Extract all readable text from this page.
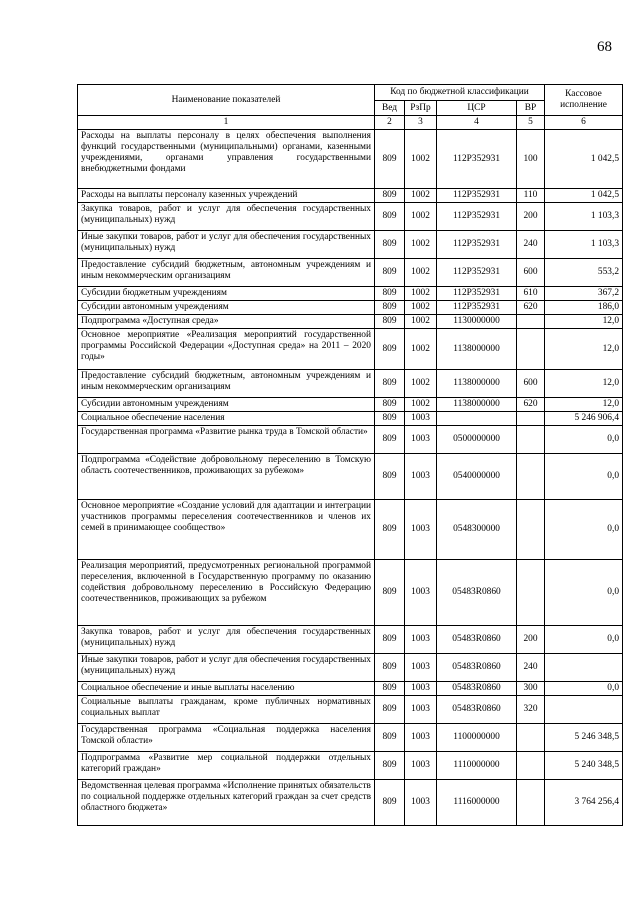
68
Наименование показателей	Код по бюджетной классификации				Кассовое исполнение
	Вед	РзПр	ЦСР	ВР	
1	2	3	4	5	6
Расходы на выплаты персоналу в целях обеспечения выполнения функций государственными (муниципальными) органами, казенными учреждениями, органами управления государственными внебюджетными фондами	809	1002	112P352931	100	1 042,5
Расходы на выплаты персоналу казенных учреждений	809	1002	112P352931	110	1 042,5
Закупка товаров, работ и услуг для обеспечения государственных (муниципальных) нужд	809	1002	112P352931	200	1 103,3
Иные закупки товаров, работ и услуг для обеспечения государственных (муниципальных) нужд	809	1002	112P352931	240	1 103,3
Предоставление субсидий бюджетным, автономным учреждениям и иным некоммерческим организациям	809	1002	112P352931	600	553,2
Субсидии бюджетным учреждениям	809	1002	112P352931	610	367,2
Субсидии автономным учреждениям	809	1002	112P352931	620	186,0
Подпрограмма «Доступная среда»	809	1002	1130000000		12,0
Основное мероприятие «Реализация мероприятий государственной программы Российской Федерации «Доступная среда» на 2011 – 2020 годы»	809	1002	1138000000		12,0
Предоставление субсидий бюджетным, автономным учреждениям и иным некоммерческим организациям	809	1002	1138000000	600	12,0
Субсидии автономным учреждениям	809	1002	1138000000	620	12,0
Социальное обеспечение населения	809	1003			5 246 906,4
Государственная программа «Развитие рынка труда в Томской области»	809	1003	0500000000		0,0
Подпрограмма «Содействие добровольному переселению в Томскую область соотечественников, проживающих за рубежом»	809	1003	0540000000		0,0
Основное мероприятие «Создание условий для адаптации и интеграции участников программы переселения соотечественников и членов их семей в принимающее сообщество»	809	1003	0548300000		0,0
Реализация мероприятий, предусмотренных региональной программой переселения, включенной в Государственную программу по оказанию содействия добровольному переселению в Российскую Федерацию соотечественников, проживающих за рубежом	809	1003	05483R0860		0,0
Закупка товаров, работ и услуг для обеспечения государственных (муниципальных) нужд	809	1003	05483R0860	200	0,0
Иные закупки товаров, работ и услуг для обеспечения государственных (муниципальных) нужд	809	1003	05483R0860	240	
Социальное обеспечение и иные выплаты населению	809	1003	05483R0860	300	0,0
Социальные выплаты гражданам, кроме публичных нормативных социальных выплат	809	1003	05483R0860	320	
Государственная программа «Социальная поддержка населения Томской области»	809	1003	1100000000		5 246 348,5
Подпрограмма «Развитие мер социальной поддержки отдельных категорий граждан»	809	1003	1110000000		5 240 348,5
Ведомственная целевая программа «Исполнение принятых обязательств по социальной поддержке отдельных категорий граждан за счет средств областного бюджета»	809	1003	1116000000		3 764 256,4
